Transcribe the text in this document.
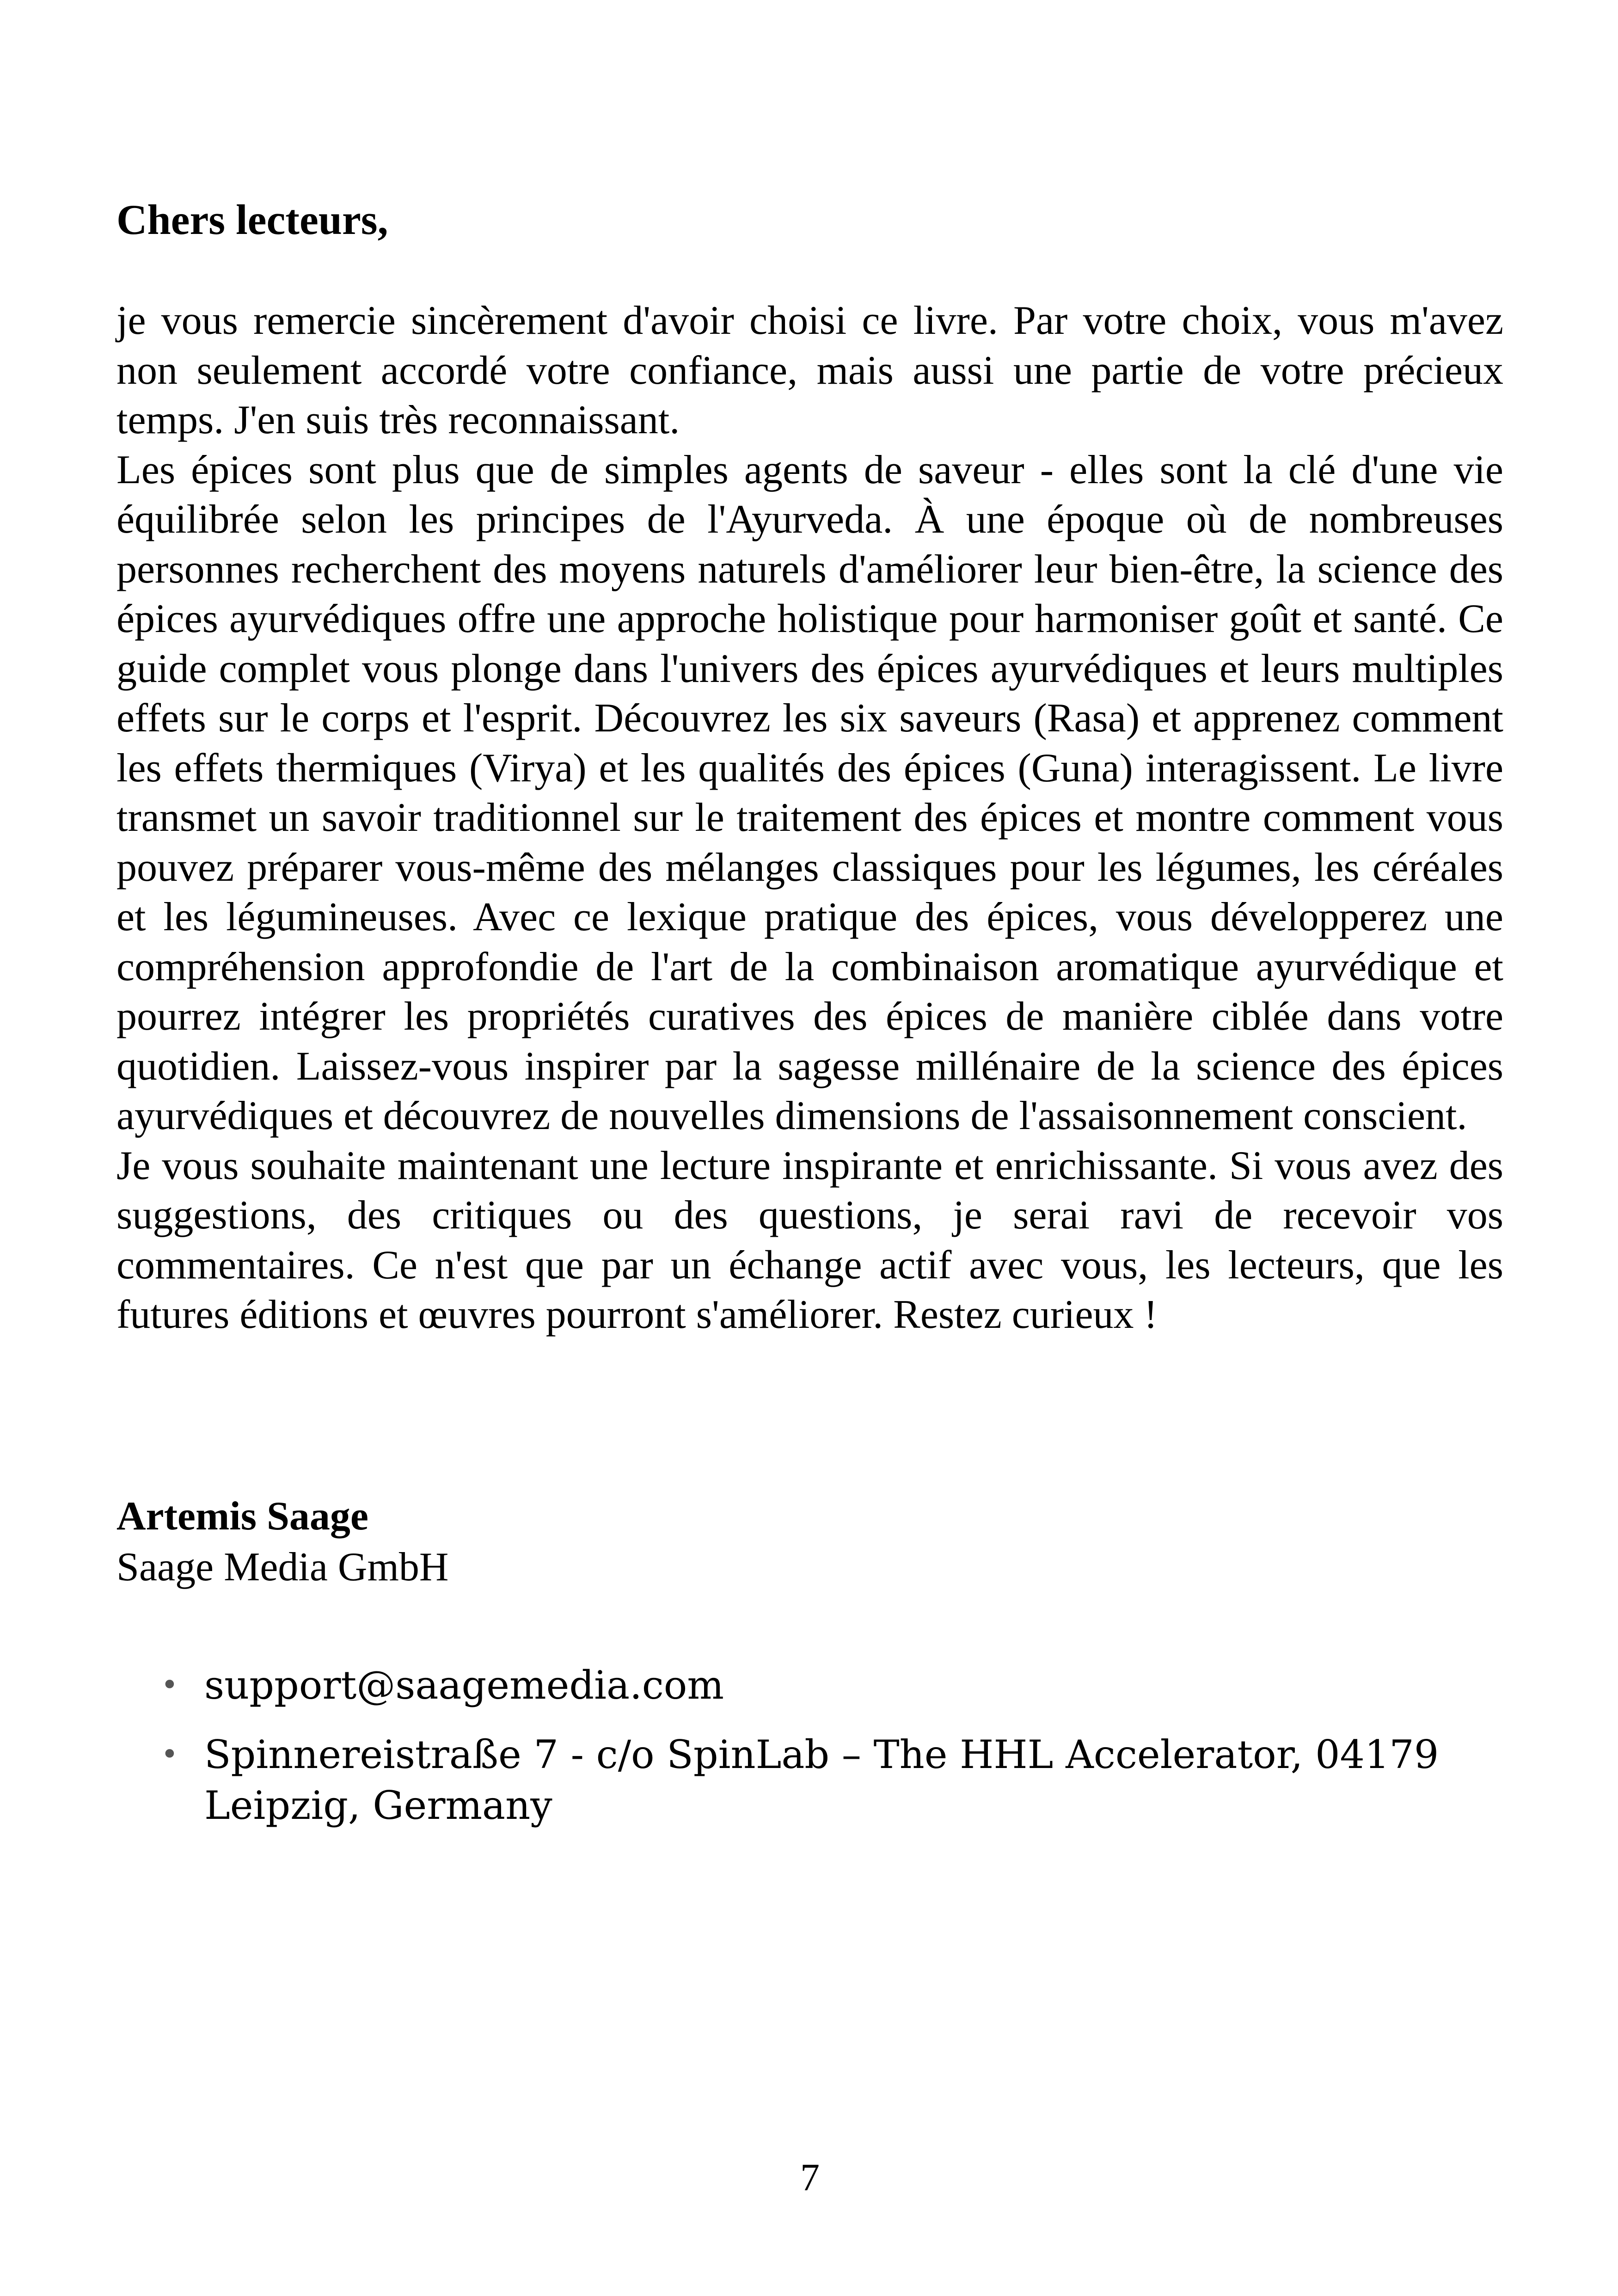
Chers lecteurs,

je vous remercie sincèrement d'avoir choisi ce livre. Par votre choix, vous m'avez non seulement accordé votre confiance, mais aussi une partie de votre précieux temps. J'en suis très reconnaissant.

Les épices sont plus que de simples agents de saveur - elles sont la clé d'une vie équilibrée selon les principes de l'Ayurveda. À une époque où de nombreuses personnes recherchent des moyens naturels d'améliorer leur bien-être, la science des épices ayurvédiques offre une approche holistique pour harmoniser goût et santé. Ce guide complet vous plonge dans l'univers des épices ayurvédiques et leurs multiples effets sur le corps et l'esprit. Découvrez les six saveurs (Rasa) et apprenez comment les effets thermiques (Virya) et les qualités des épices (Guna) interagissent. Le livre transmet un savoir traditionnel sur le traitement des épices et montre comment vous pouvez préparer vous-même des mélanges classiques pour les légumes, les céréales et les légumineuses. Avec ce lexique pratique des épices, vous développerez une compréhension approfondie de l'art de la combinaison aromatique ayurvédique et pourrez intégrer les propriétés curatives des épices de manière ciblée dans votre quotidien. Laissez-vous inspirer par la sagesse millénaire de la science des épices ayurvédiques et découvrez de nouvelles dimensions de l'assaisonnement conscient.

Je vous souhaite maintenant une lecture inspirante et enrichissante. Si vous avez des suggestions, des critiques ou des questions, je serai ravi de recevoir vos commentaires. Ce n'est que par un échange actif avec vous, les lecteurs, que les futures éditions et œuvres pourront s'améliorer. Restez curieux !

Artemis Saage

Saage Media GmbH

• support@saagemedia.com
• Spinnereistraße 7 - c/o SpinLab – The HHL Accelerator, 04179 Leipzig, Germany
7
